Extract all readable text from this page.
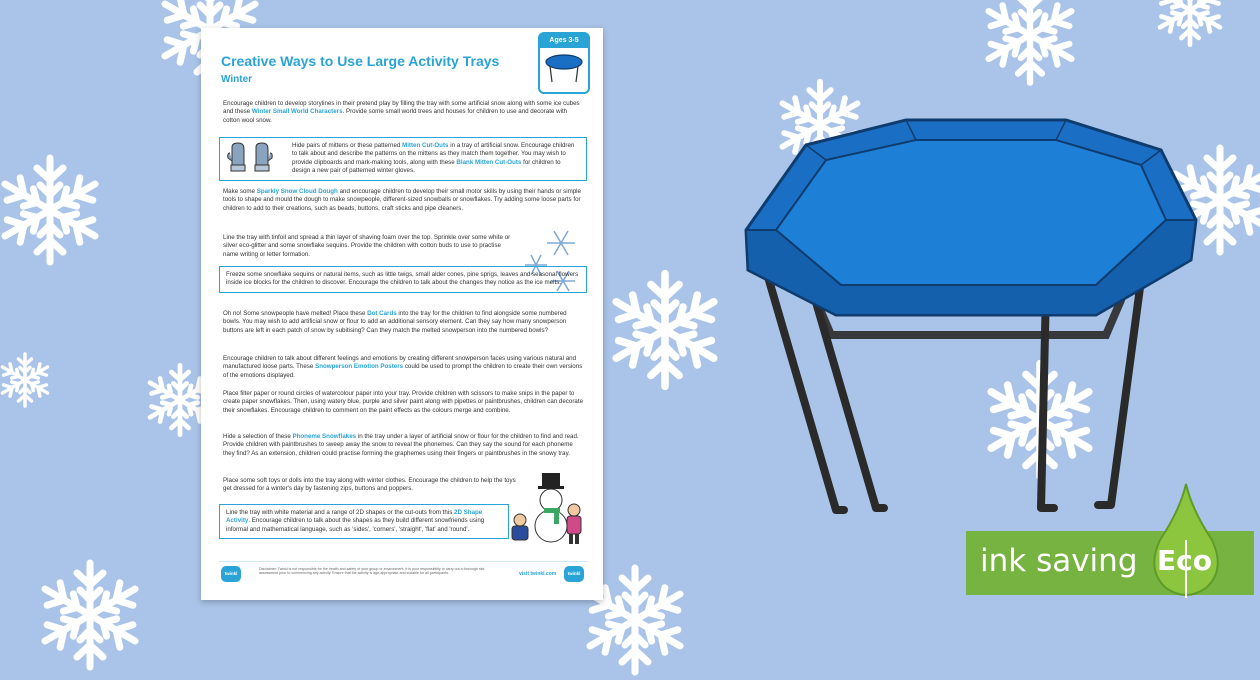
Creative Ways to Use Large Activity Trays
Winter
Ages 3-5
Encourage children to develop storylines in their pretend play by filling the tray with some artificial snow along with some ice cubes and these Winter Small World Characters. Provide some small world trees and houses for children to use and decorate with cotton wool snow.
Hide pairs of mittens or these patterned Mitten Cut-Outs in a tray of artificial snow. Encourage children to talk about and describe the patterns on the mittens as they match them together. You may wish to provide clipboards and mark-making tools, along with these Blank Mitten Cut-Outs for children to design a new pair of patterned winter gloves.
Make some Sparkly Snow Cloud Dough and encourage children to develop their small motor skills by using their hands or simple tools to shape and mould the dough to make snowpeople, different-sized snowballs or snowflakes. Try adding some loose parts for children to add to their creations, such as beads, buttons, craft sticks and pipe cleaners.
Line the tray with tinfoil and spread a thin layer of shaving foam over the top. Sprinkle over some white or silver eco-glitter and some snowflake sequins. Provide the children with cotton buds to use to practise name writing or letter formation.
Freeze some snowflake sequins or natural items, such as little twigs, small alder cones, pine sprigs, leaves and seasonal flowers inside ice blocks for the children to discover. Encourage the children to talk about the changes they notice as the ice melts.
Oh no! Some snowpeople have melted! Place these Dot Cards into the tray for the children to find alongside some numbered bowls. You may wish to add artificial snow or flour to add an additional sensory element. Can they say how many snowperson buttons are left in each patch of snow by subitising? Can they match the melted snowperson into the numbered bowls?
Encourage children to talk about different feelings and emotions by creating different snowperson faces using various natural and manufactured loose parts. These Snowperson Emotion Posters could be used to prompt the children to create their own versions of the emotions displayed.
Place filter paper or round circles of watercolour paper into your tray. Provide children with scissors to make snips in the paper to create paper snowflakes. Then, using watery blue, purple and silver paint along with pipettes or paintbrushes, children can decorate their snowflakes. Encourage children to comment on the paint effects as the colours merge and combine.
Hide a selection of these Phoneme Snowflakes in the tray under a layer of artificial snow or flour for the children to find and read. Provide children with paintbrushes to sweep away the snow to reveal the phonemes. Can they say the sound for each phoneme they find? As an extension, children could practise forming the graphemes using their fingers or paintbrushes in the snowy tray.
Place some soft toys or dolls into the tray along with winter clothes. Encourage the children to help the toys get dressed for a winter's day by fastening zips, buttons and poppers.
Line the tray with white material and a range of 2D shapes or the cut-outs from this 2D Shape Activity. Encourage children to talk about the shapes as they build different snowfriends using informal and mathematical language, such as 'sides', 'corners', 'straight', 'flat' and 'round'.
twinkl
Disclaimer: Twinkl is not responsible for the health and safety of your group or environment. It is your responsibility to carry out a thorough risk assessment prior to commencing any activity. Ensure that the activity is age-appropriate and suitable for all participants.	visit twinkl.com	twinkl	ink saving Eco
